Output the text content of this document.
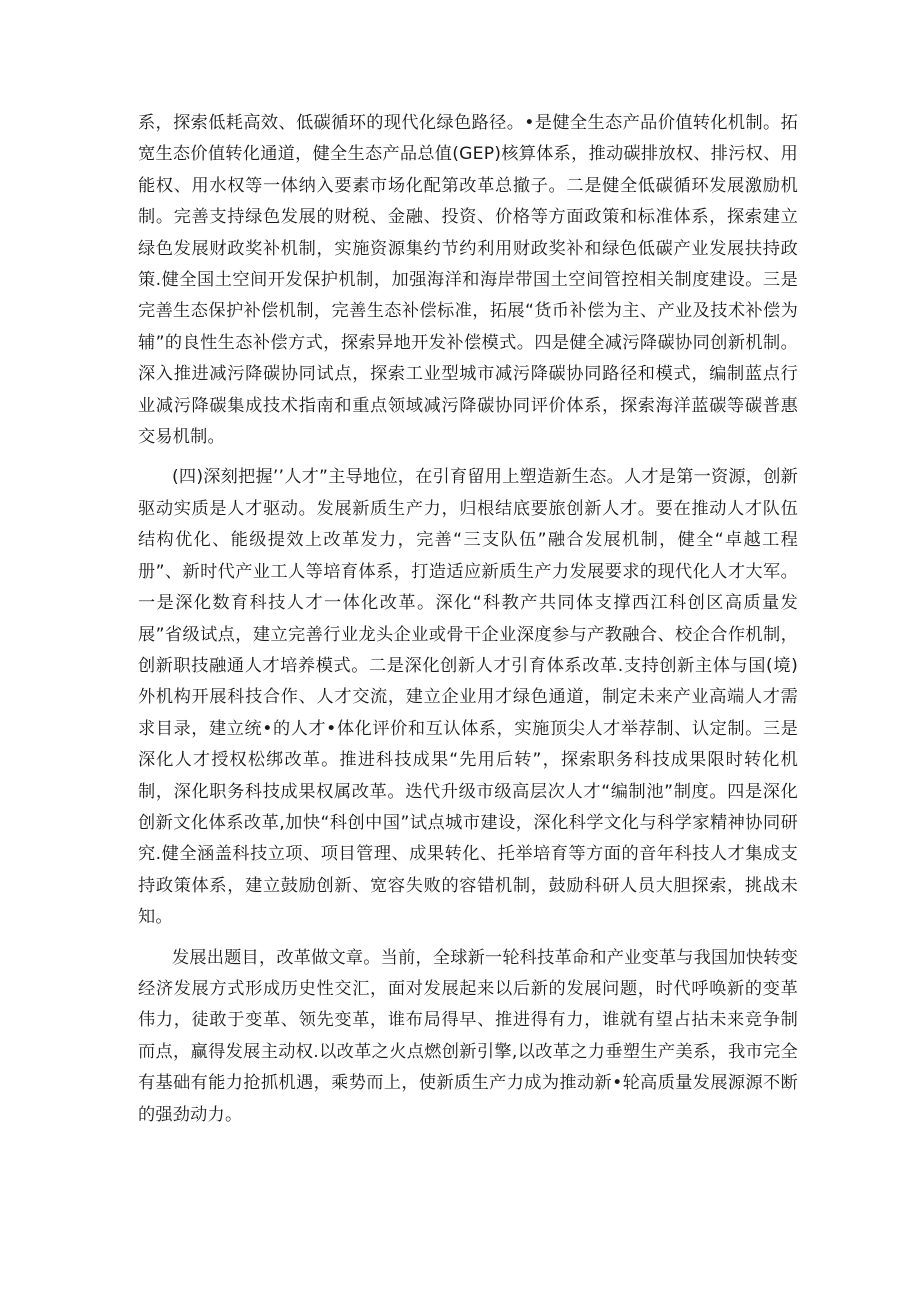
系，探索低耗高效、低碳循环的现代化绿色路径。•是健全生态产品价值转化机制。拓宽生态价值转化通道，健全生态产品总值(GEP)核算体系，推动碳排放权、排污权、用能权、用水权等一体纳入要素市场化配第改革总撤子。二是健全低碳循环发展激励机制。完善支持绿色发展的财税、金融、投资、价格等方面政策和标准体系，探索建立绿色发展财政奖补机制，实施资源集约节约利用财政奖补和绿色低碳产业发展扶持政策.健全国土空间开发保护机制，加强海洋和海岸带国土空间管控相关制度建设。三是完善生态保护补偿机制，完善生态补偿标准，拓展“货币补偿为主、产业及技术补偿为辅”的良性生态补偿方式，探索异地开发补偿模式。四是健全减污降碳协同创新机制。深入推进减污降碳协同试点，探索工业型城市减污降碳协同路径和模式，编制蓝点行业减污降碳集成技术指南和重点领域减污降碳协同评价体系，探索海洋蓝碳等碳普惠交易机制。

(四)深刻把握’’人才”主导地位，在引育留用上塑造新生态。人才是第一资源，创新驱动实质是人才驱动。发展新质生产力，归根结底要旅创新人才。要在推动人才队伍结构优化、能级提效上改革发力，完善“三支队伍”融合发展机制，健全“卓越工程册”、新时代产业工人等培育体系，打造适应新质生产力发展要求的现代化人才大军。一是深化数育科技人才一体化改革。深化“科教产共同体支撑西江科创区高质量发展”省级试点，建立完善行业龙头企业或骨干企业深度参与产教融合、校企合作机制，创新职技融通人才培养模式。二是深化创新人才引育体系改革.支持创新主体与国(境)外机构开展科技合作、人才交流，建立企业用才绿色通道，制定未来产业高端人才需求目录，建立统•的人才•体化评价和互认体系，实施顶尖人才举荐制、认定制。三是深化人才授权松绑改革。推进科技成果“先用后转”，探索职务科技成果限时转化机制，深化职务科技成果权属改革。迭代升级市级高层次人才“编制池”制度。四是深化创新文化体系改革,加快“科创中国”试点城市建设，深化科学文化与科学家精神协同研究.健全涵盖科技立项、项目管理、成果转化、托举培育等方面的音年科技人才集成支持政策体系，建立鼓励创新、宽容失败的容错机制，鼓励科研人员大胆探索，挑战未知。

发展出题目，改革做文章。当前，全球新一轮科技革命和产业变革与我国加快转变经济发展方式形成历史性交汇，面对发展起来以后新的发展问题，时代呼唤新的变革伟力，徒敢于变革、领先变革，谁布局得早、推进得有力，谁就有望占拈未来竞争制而点，赢得发展主动权.以改革之火点燃创新引擎,以改革之力垂塑生产美系，我市完全有基础有能力抢抓机遇，乘势而上，使新质生产力成为推动新•轮高质量发展源源不断的强劲动力。
